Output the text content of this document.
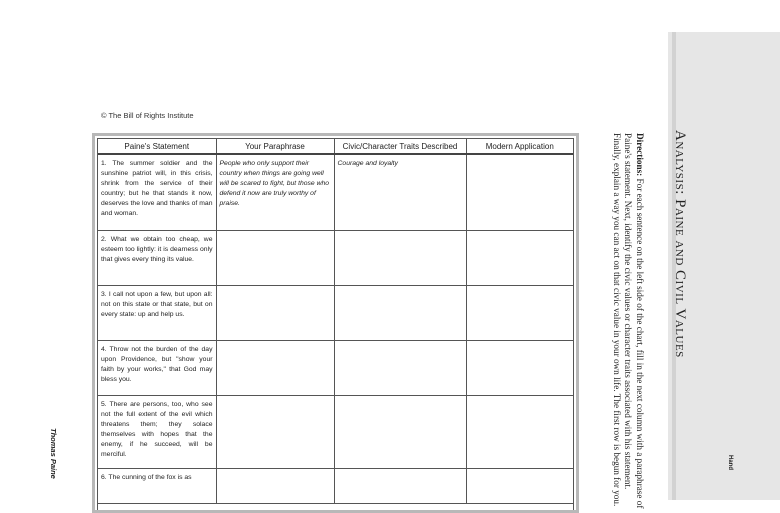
© The Bill of Rights Institute
Paine's Statement	Your Paraphrase	Civic/Character Traits Described	Modern Application
1. The summer soldier and the sunshine patriot will, in this crisis, shrink from the service of their country; but he that stands it now, deserves the love and thanks of man and woman.	People who only support their country when things are going well will be scared to fight, but those who defend it now are truly worthy of praise.	Courage and loyalty	
2. What we obtain too cheap, we esteem too lightly: it is dearness only that gives every thing its value.			
3. I call not upon a few, but upon all: not on this state or that state, but on every state: up and help us.			
4. Throw not the burden of the day upon Providence, but "show your faith by your works," that God may bless you.			
5. There are persons, too, who see not the full extent of the evil which threatens them; they solace themselves with hopes that the enemy, if he succeed, will be merciful.			
6. The cunning of the fox is as			
Analysis: Paine and Civil Values
Directions: For each sentence on the left side of the chart, fill in the next column with a paraphrase of Paine's statement. Next, identify the civic values or character traits associated with his statement. Finally, explain a way you can act on that civic value in your own life. The first row is begun for you.
Thomas Paine	Hand
